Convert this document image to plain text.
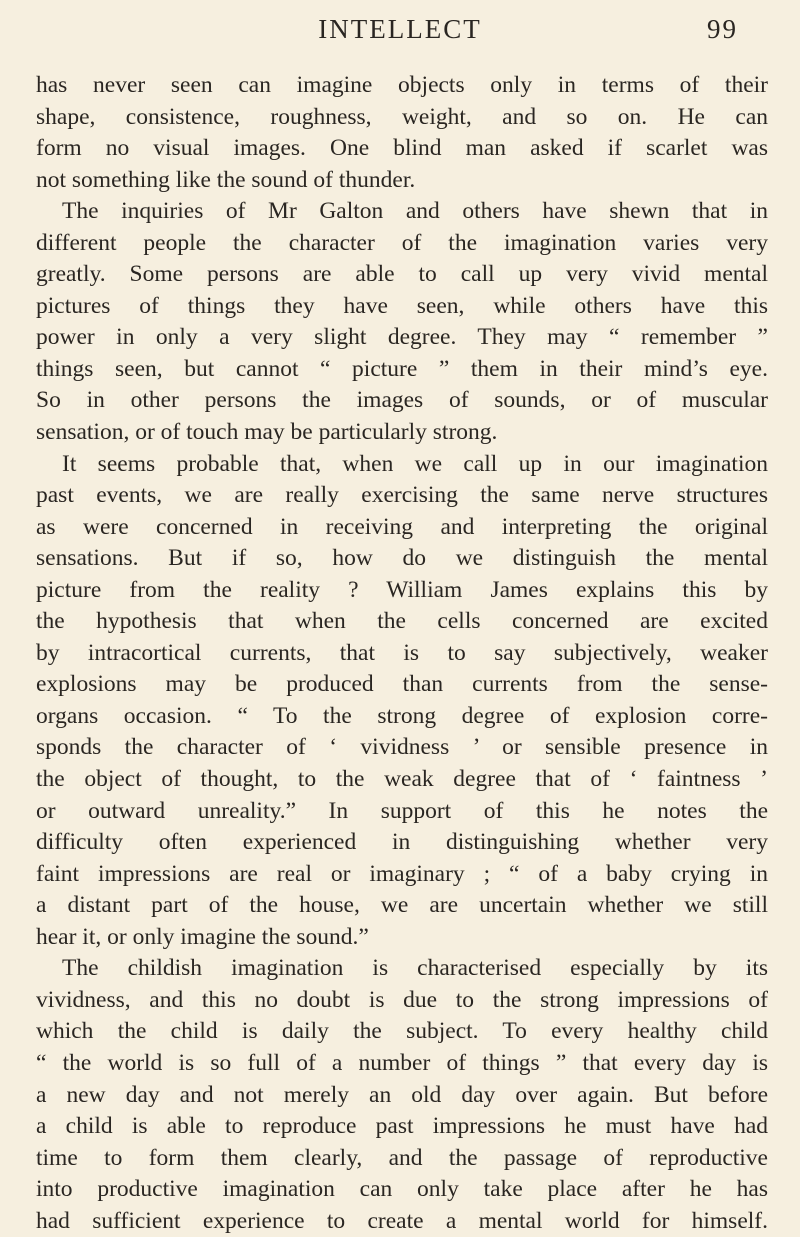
INTELLECT	99
has never seen can imagine objects only in terms of their
shape, consistence, roughness, weight, and so on. He can
form no visual images. One blind man asked if scarlet was
not something like the sound of thunder.
The inquiries of Mr Galton and others have shewn that in
different people the character of the imagination varies very
greatly. Some persons are able to call up very vivid mental
pictures of things they have seen, while others have this
power in only a very slight degree. They may “ remember ”
things seen, but cannot “ picture ” them in their mind’s eye.
So in other persons the images of sounds, or of muscular
sensation, or of touch may be particularly strong.
It seems probable that, when we call up in our imagination
past events, we are really exercising the same nerve structures
as were concerned in receiving and interpreting the original
sensations. But if so, how do we distinguish the mental
picture from the reality ? William James explains this by
the hypothesis that when the cells concerned are excited
by intracortical currents, that is to say subjectively, weaker
explosions may be produced than currents from the sense-
organs occasion. “ To the strong degree of explosion corre-
sponds the character of ‘ vividness ’ or sensible presence in
the object of thought, to the weak degree that of ‘ faintness ’
or outward unreality.” In support of this he notes the
difficulty often experienced in distinguishing whether very
faint impressions are real or imaginary ; “ of a baby crying in
a distant part of the house, we are uncertain whether we still
hear it, or only imagine the sound.”
The childish imagination is characterised especially by its
vividness, and this no doubt is due to the strong impressions of
which the child is daily the subject. To every healthy child
“ the world is so full of a number of things ” that every day is
a new day and not merely an old day over again. But before
a child is able to reproduce past impressions he must have had
time to form them clearly, and the passage of reproductive
into productive imagination can only take place after he has
had sufficient experience to create a mental world for himself.
